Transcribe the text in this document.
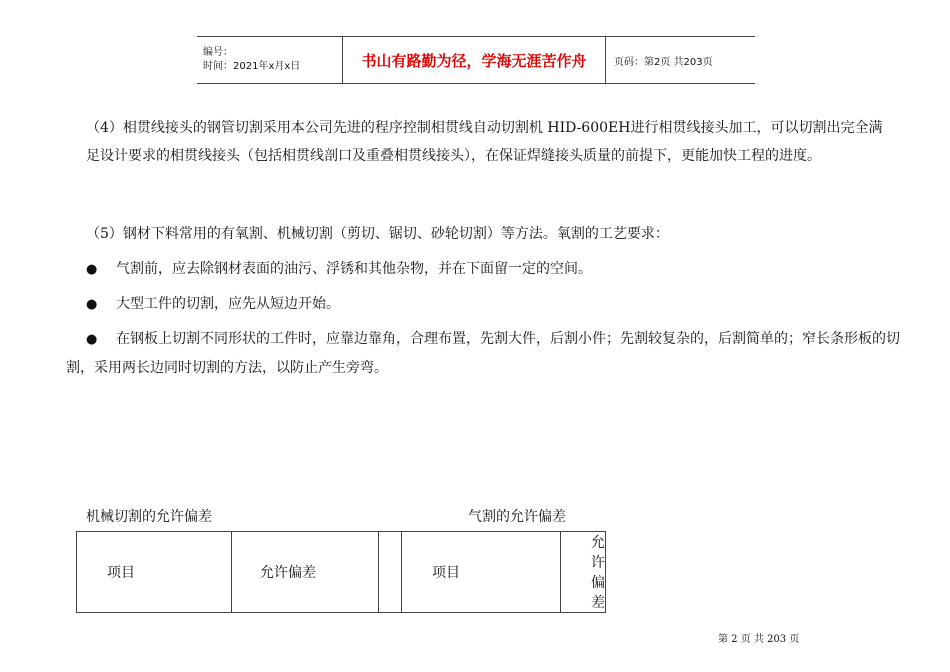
编号：
时间：2021年x月x日	书山有路勤为径，学海无涯苦作舟	页码：第2页 共203页

（4）相贯线接头的钢管切割采用本公司先进的程序控制相贯线自动切割机 HID-600EH进行相贯线接头加工，可以切割出完全满足设计要求的相贯线接头（包括相贯线剖口及重叠相贯线接头），在保证焊缝接头质量的前提下，更能加快工程的进度。

（5）钢材下料常用的有氧割、机械切割（剪切、锯切、砂轮切割）等方法。氧割的工艺要求：

● 气割前，应去除钢材表面的油污、浮锈和其他杂物，并在下面留一定的空间。
● 大型工件的切割，应先从短边开始。
● 在钢板上切割不同形状的工件时，应靠边靠角，合理布置，先割大件，后割小件；先割较复杂的，后割简单的；窄长条形板的切割，采用两长边同时切割的方法，以防止产生旁弯。
机械切割的允许偏差	气割的允许偏差
项目	允许偏差		项目	允许偏差
第 2 页 共 203 页
